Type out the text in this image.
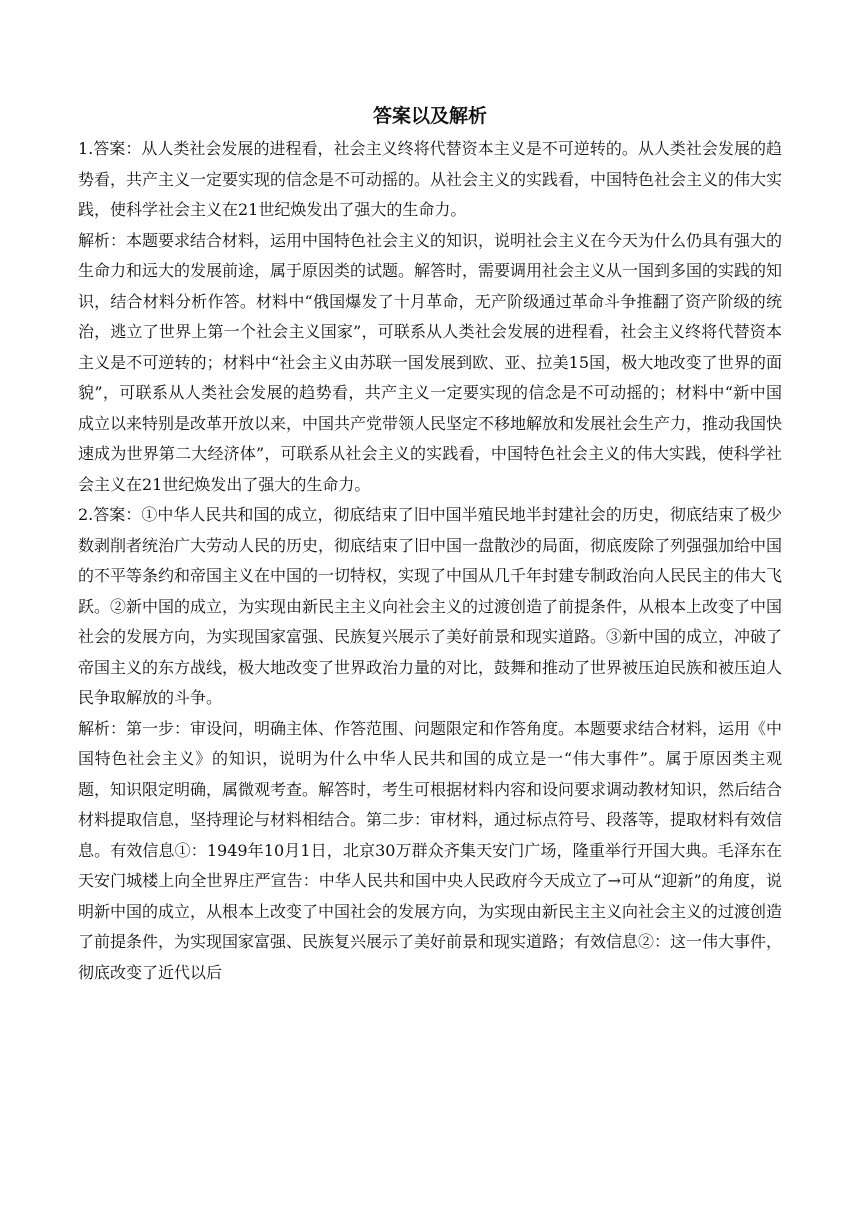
答案以及解析

1.答案：从人类社会发展的进程看，社会主义终将代替资本主义是不可逆转的。从人类社会发展的趋势看，共产主义一定要实现的信念是不可动摇的。从社会主义的实践看，中国特色社会主义的伟大实践，使科学社会主义在21世纪焕发出了强大的生命力。

解析：本题要求结合材料，运用中国特色社会主义的知识，说明社会主义在今天为什么仍具有强大的生命力和远大的发展前途，属于原因类的试题。解答时，需要调用社会主义从一国到多国的实践的知识，结合材料分析作答。材料中“俄国爆发了十月革命，无产阶级通过革命斗争推翻了资产阶级的统治，逃立了世界上第一个社会主义国家”，可联系从人类社会发展的进程看，社会主义终将代替资本主义是不可逆转的；材料中“社会主义由苏联一国发展到欧、亚、拉美15国，极大地改变了世界的面貌”，可联系从人类社会发展的趋势看，共产主义一定要实现的信念是不可动摇的；材料中“新中国成立以来特别是改革开放以来，中国共产党带领人民坚定不移地解放和发展社会生产力，推动我国快速成为世界第二大经济体”，可联系从社会主义的实践看，中国特色社会主义的伟大实践，使科学社会主义在21世纪焕发出了强大的生命力。

2.答案：①中华人民共和国的成立，彻底结束了旧中国半殖民地半封建社会的历史，彻底结束了极少数剥削者统治广大劳动人民的历史，彻底结束了旧中国一盘散沙的局面，彻底废除了列强强加给中国的不平等条约和帝国主义在中国的一切特权，实现了中国从几千年封建专制政治向人民民主的伟大飞跃。②新中国的成立，为实现由新民主主义向社会主义的过渡创造了前提条件，从根本上改变了中国社会的发展方向，为实现国家富强、民族复兴展示了美好前景和现实道路。③新中国的成立，冲破了帝国主义的东方战线，极大地改变了世界政治力量的对比，鼓舞和推动了世界被压迫民族和被压迫人民争取解放的斗争。

解析：第一步：审设问，明确主体、作答范围、问题限定和作答角度。本题要求结合材料，运用《中国特色社会主义》的知识，说明为什么中华人民共和国的成立是一“伟大事件”。属于原因类主观题，知识限定明确，属微观考查。解答时，考生可根据材料内容和设问要求调动教材知识，然后结合材料提取信息，坚持理论与材料相结合。第二步：审材料，通过标点符号、段落等，提取材料有效信息。有效信息①：1949年10月1日，北京30万群众齐集天安门广场，隆重举行开国大典。毛泽东在天安门城楼上向全世界庄严宣告：中华人民共和国中央人民政府今天成立了→可从“迎新”的角度，说明新中国的成立，从根本上改变了中国社会的发展方向，为实现由新民主主义向社会主义的过渡创造了前提条件，为实现国家富强、民族复兴展示了美好前景和现实道路；有效信息②：这一伟大事件，彻底改变了近代以后
